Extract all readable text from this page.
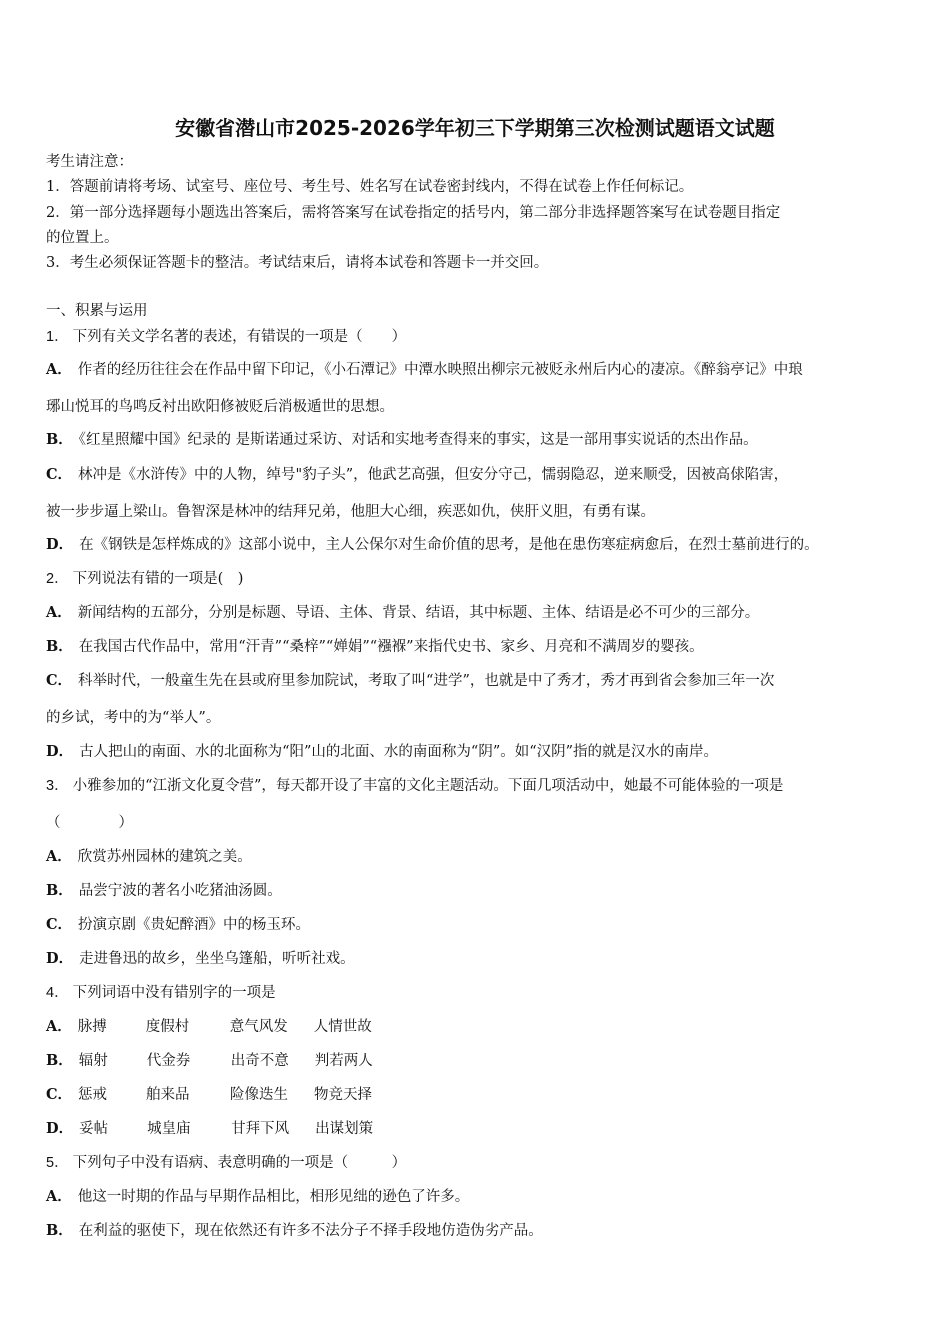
安徽省潜山市2025-2026学年初三下学期第三次检测试题语文试题
考生请注意：
1．答题前请将考场、试室号、座位号、考生号、姓名写在试卷密封线内，不得在试卷上作任何标记。
2．第一部分选择题每小题选出答案后，需将答案写在试卷指定的括号内，第二部分非选择题答案写在试卷题目指定
的位置上。
3．考生必须保证答题卡的整洁。考试结束后，请将本试卷和答题卡一并交回。
一、积累与运用
1． 下列有关文学名著的表述，有错误的一项是（　　）
A． 作者的经历往往会在作品中留下印记，《小石潭记》中潭水映照出柳宗元被贬永州后内心的凄凉。《醉翁亭记》中琅
琊山悦耳的鸟鸣反衬出欧阳修被贬后消极遁世的思想。
B． 《红星照耀中国》纪录的 是斯诺通过采访、对话和实地考查得来的事实，这是一部用事实说话的杰出作品。
C． 林冲是《水浒传》中的人物，绰号"豹子头”，他武艺高强，但安分守己，懦弱隐忍，逆来顺受，因被高俅陷害，
被一步步逼上梁山。鲁智深是林冲的结拜兄弟，他胆大心细，疾恶如仇，侠肝义胆，有勇有谋。
D． 在《钢铁是怎样炼成的》这部小说中，主人公保尔对生命价值的思考，是他在患伤寒症病愈后，在烈士墓前进行的。
2． 下列说法有错的一项是(　)
A． 新闻结构的五部分，分别是标题、导语、主体、背景、结语，其中标题、主体、结语是必不可少的三部分。
B． 在我国古代作品中，常用“汗青”“桑梓”“婵娟”“襁褓”来指代史书、家乡、月亮和不满周岁的婴孩。
C． 科举时代，一般童生先在县或府里参加院试，考取了叫“进学”，也就是中了秀才，秀才再到省会参加三年一次
的乡试，考中的为“举人”。
D． 古人把山的南面、水的北面称为“阳”山的北面、水的南面称为“阴”。如“汉阴”指的就是汉水的南岸。
3． 小雅参加的“江浙文化夏令营”，每天都开设了丰富的文化主题活动。下面几项活动中，她最不可能体验的一项是
（　　　　）
A． 欣赏苏州园林的建筑之美。
B． 品尝宁波的著名小吃猪油汤圆。
C． 扮演京剧《贵妃醉酒》中的杨玉环。
D． 走进鲁迅的故乡，坐坐乌篷船，听听社戏。
4． 下列词语中没有错别字的一项是
A． 脉搏	度假村	意气风发 人情世故
B． 辐射	代金券	出奇不意 判若两人
C． 惩戒	舶来品	险像迭生 物竞天择
D． 妥帖	城皇庙	甘拜下风 出谋划策
5． 下列句子中没有语病、表意明确的一项是（　　　）
A． 他这一时期的作品与早期作品相比，相形见绌的逊色了许多。
B． 在利益的驱使下，现在依然还有许多不法分子不择手段地仿造伪劣产品。
